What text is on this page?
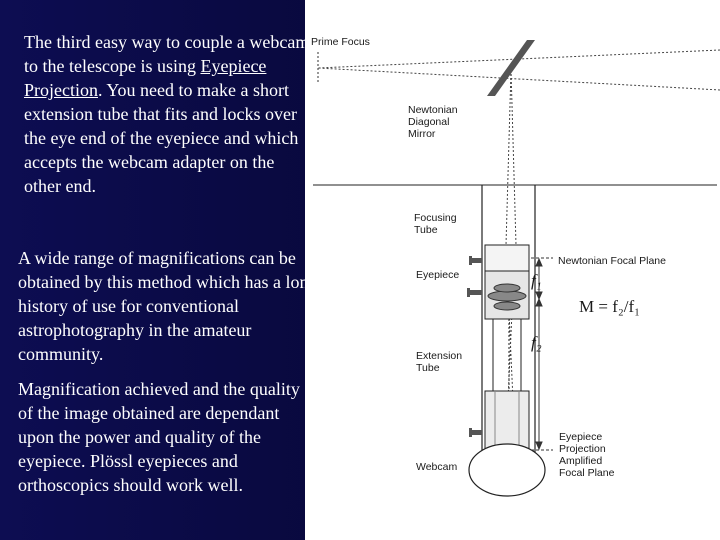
The third easy way to couple a webcam to the telescope is using Eyepiece Projection. You need to make a short extension tube that fits and locks over the eye end of the eyepiece and which accepts the webcam adapter on the other end.
A wide range of magnifications can be obtained by this method which has a long history of use for conventional astrophotography in the amateur community.
Magnification achieved and the quality of the image obtained are dependant upon the power and quality of the eyepiece. Plössl eyepieces and orthoscopics should work well.
Prime Focus
Newtonian Diagonal Mirror
Focusing Tube
Eyepiece
Extension Tube
Webcam
Newtonian Focal Plane
Eyepiece Projection Amplified Focal Plane
M = f₂/f₁
f₁
f₂
